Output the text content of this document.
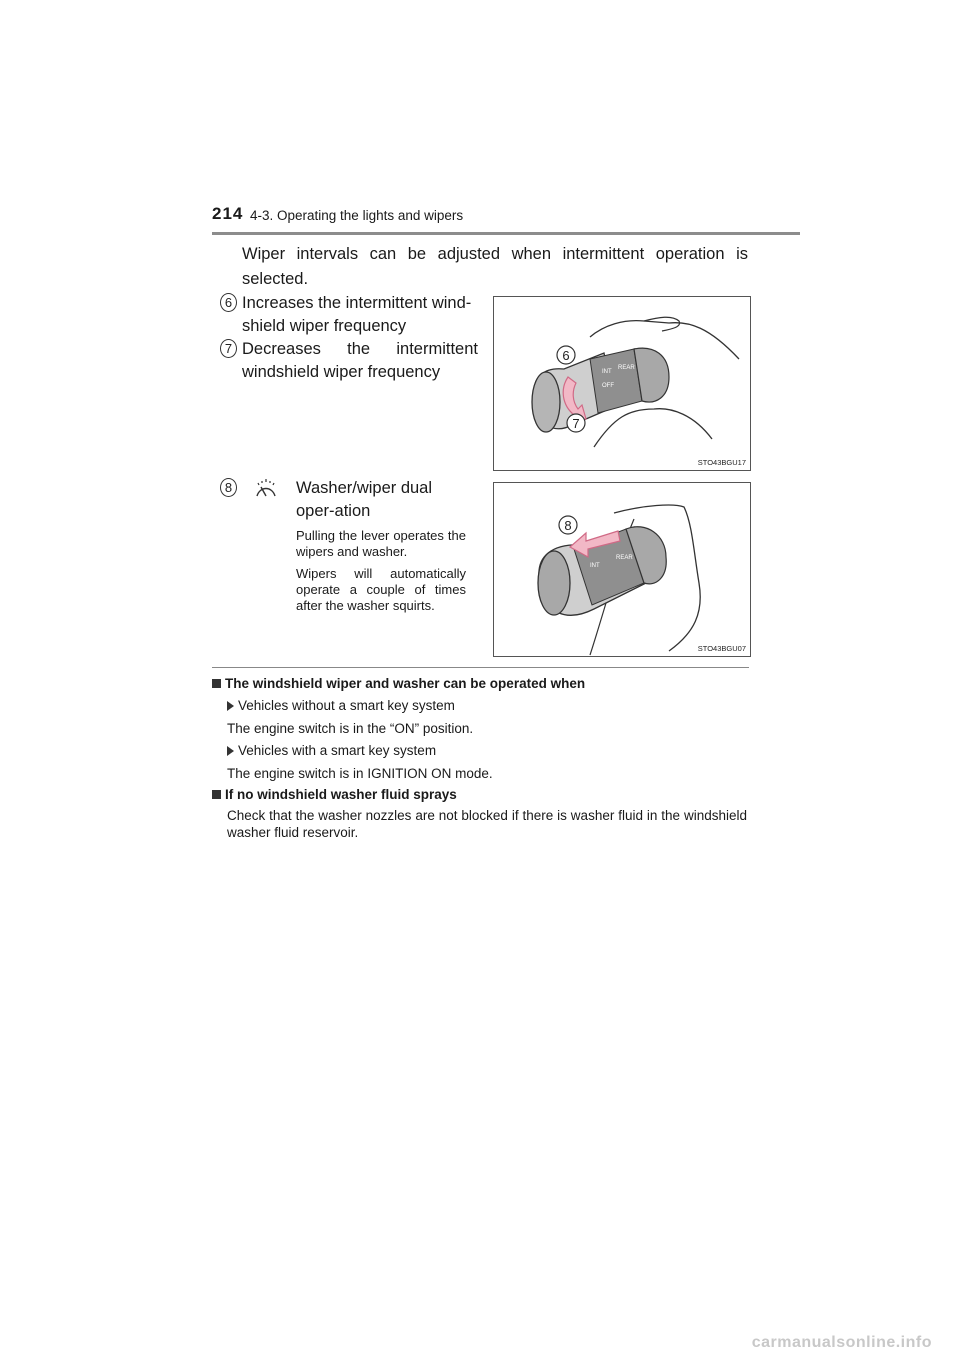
214 4-3. Operating the lights and wipers
Wiper intervals can be adjusted when intermittent operation is selected.
6 Increases the intermittent wind-shield wiper frequency
7 Decreases the intermittent
windshield wiper frequency	INT
REAR
OFF
6
7
STO43BGU17
8	Washer/wiper dual oper-ation

Pulling the lever operates the wipers and washer.

Wipers will automatically operate a couple of times after the washer squirts.

INT
REAR
8
STO43BGU07
The windshield wiper and washer can be operated when
Vehicles without a smart key system
The engine switch is in the “ON” position.
Vehicles with a smart key system
The engine switch is in IGNITION ON mode.
If no windshield washer fluid sprays
Check that the washer nozzles are not blocked if there is washer fluid in the windshield washer fluid reservoir.
carmanualsonline.info
